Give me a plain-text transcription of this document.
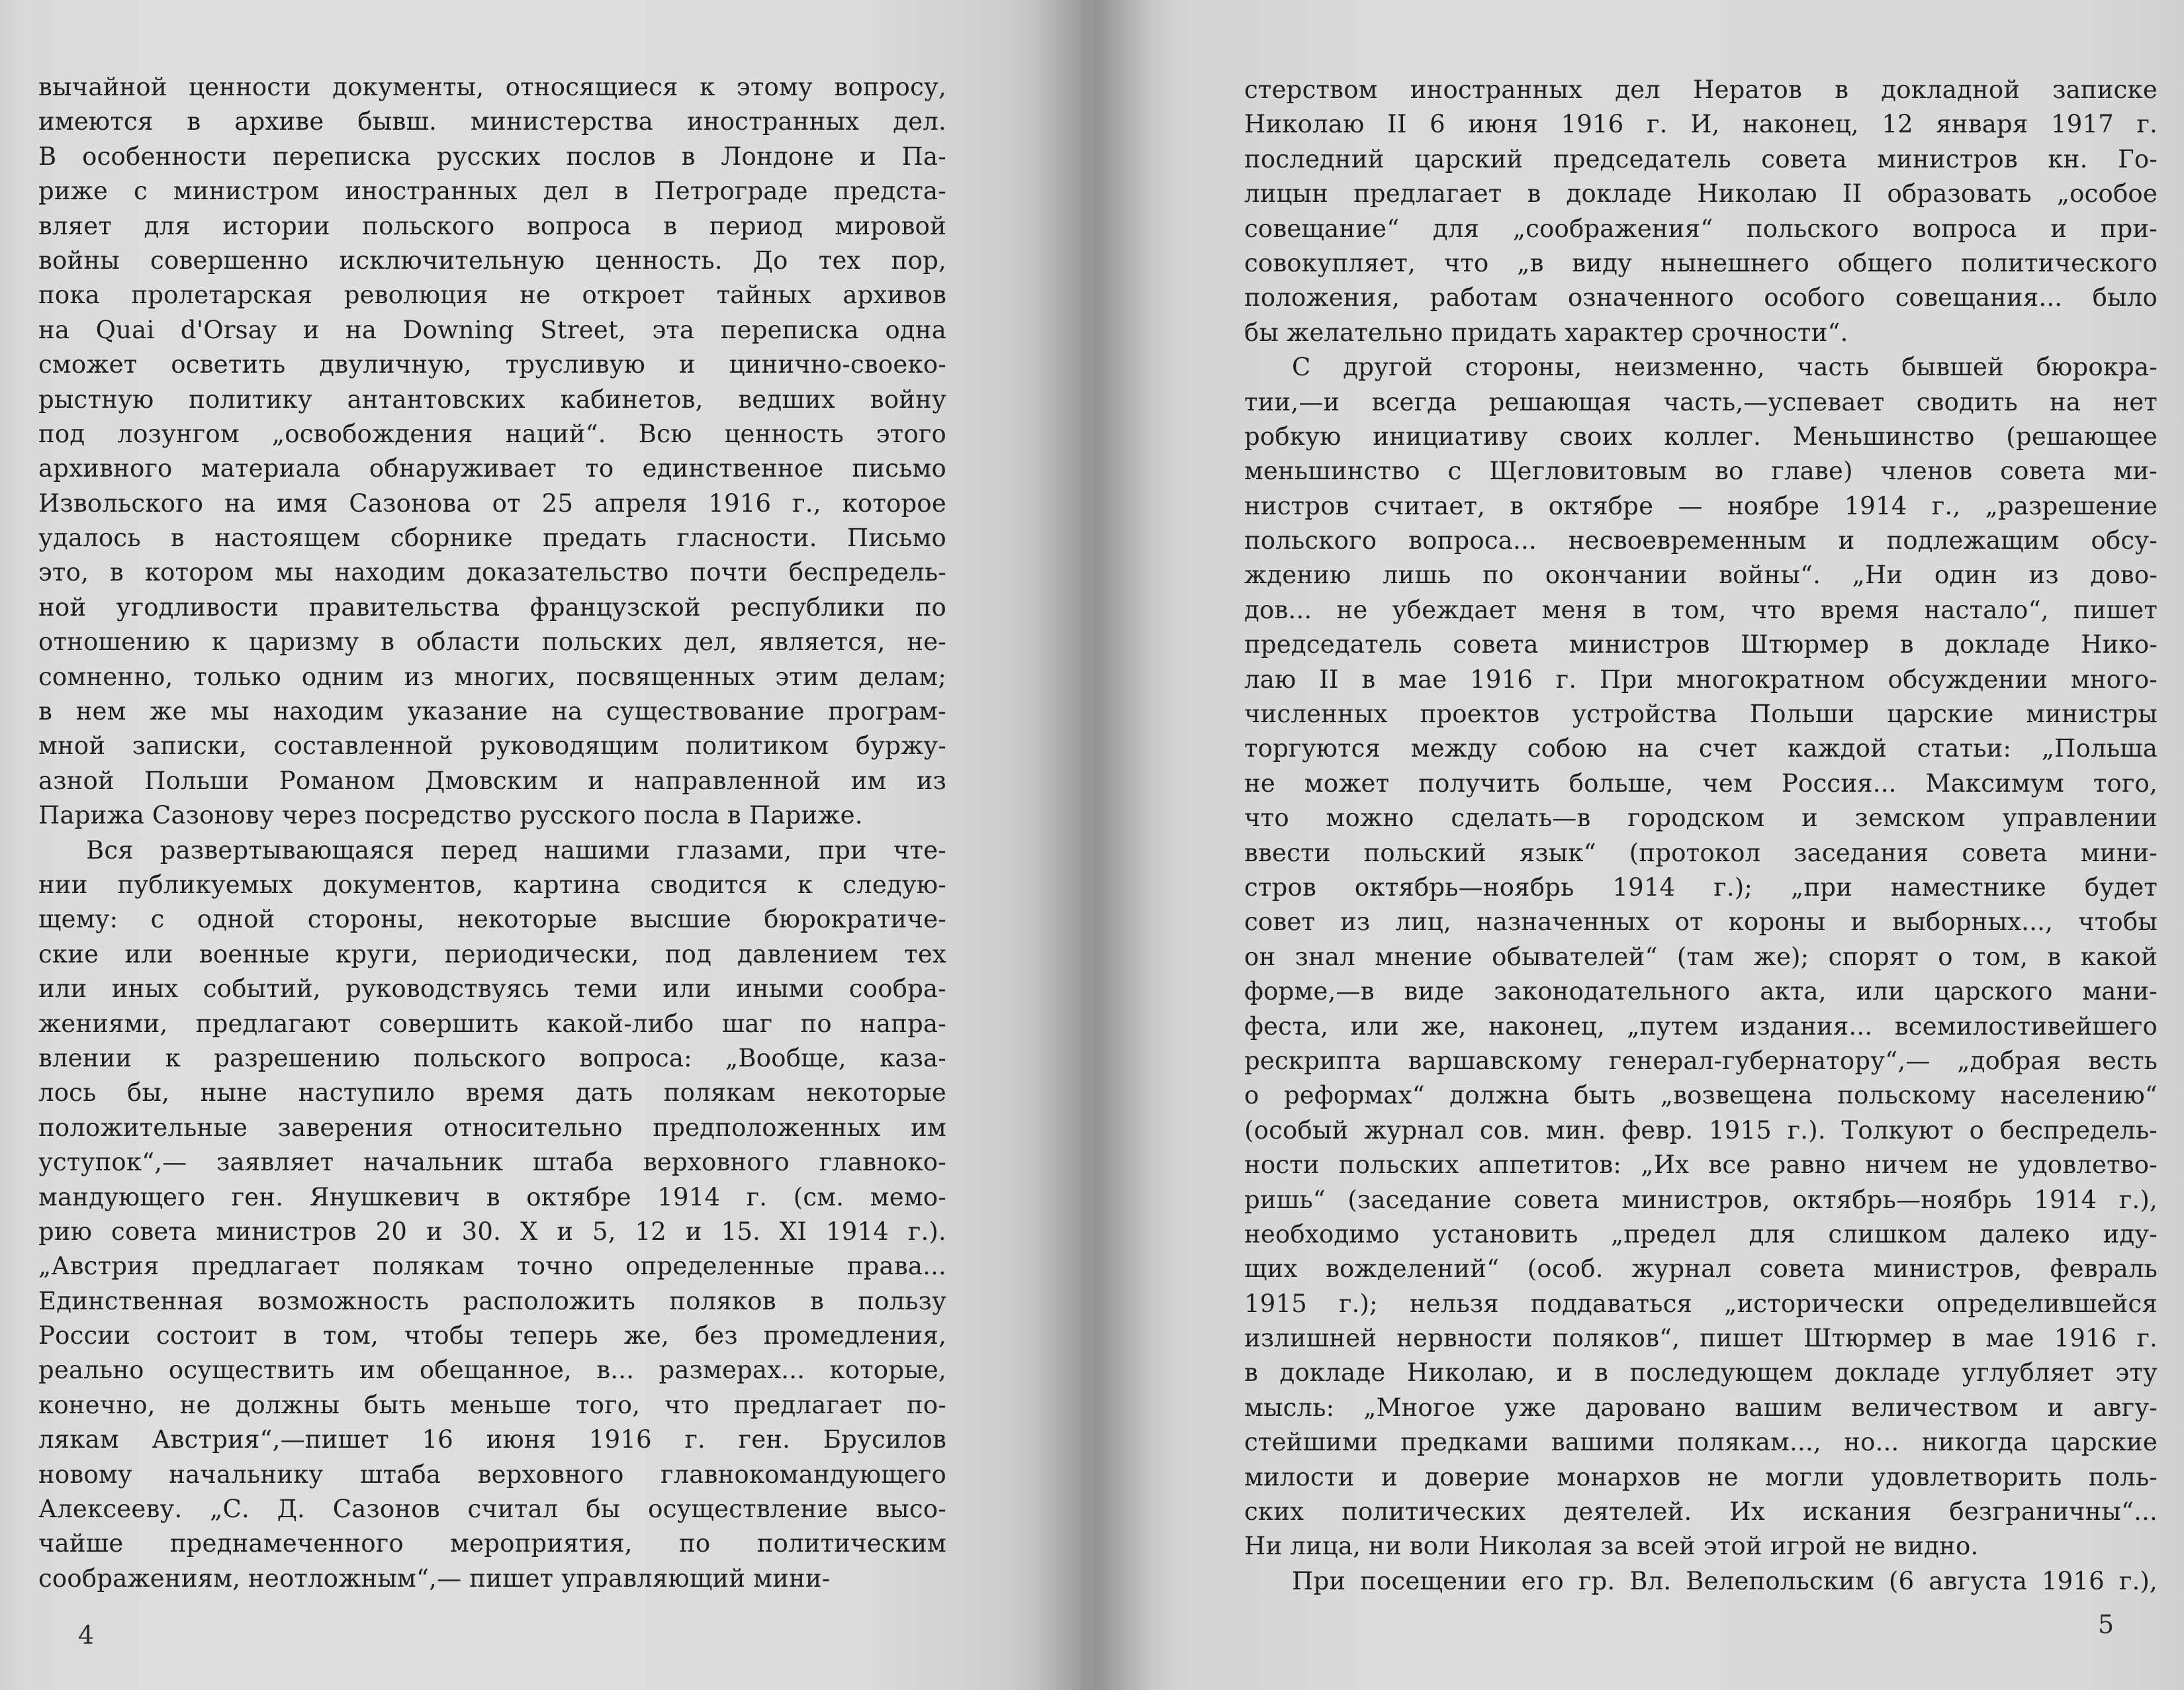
вычайной ценности документы, относящиеся к этому вопросу,
имеются в архиве бывш. министерства иностранных дел.
В особенности переписка русских послов в Лондоне и Па-
риже с министром иностранных дел в Петрограде предста-
вляет для истории польского вопроса в период мировой
войны совершенно исключительную ценность. До тех пор,
пока пролетарская революция не откроет тайных архивов
на Quai d'Orsay и на Downing Street, эта переписка одна
сможет осветить двуличную, трусливую и цинично-своеко-
рыстную политику антантовских кабинетов, ведших войну
под лозунгом „освобождения наций“. Всю ценность этого
архивного материала обнаруживает то единственное письмо
Извольского на имя Сазонова от 25 апреля 1916 г., которое
удалось в настоящем сборнике предать гласности. Письмо
это, в котором мы находим доказательство почти беспредель-
ной угодливости правительства французской республики по
отношению к царизму в области польских дел, является, не-
сомненно, только одним из многих, посвященных этим делам;
в нем же мы находим указание на существование програм-
мной записки, составленной руководящим политиком буржу-
азной Польши Романом Дмовским и направленной им из
Парижа Сазонову через посредство русского посла в Париже.
Вся развертывающаяся перед нашими глазами, при чте-
нии публикуемых документов, картина сводится к следую-
щему: с одной стороны, некоторые высшие бюрократиче-
ские или военные круги, периодически, под давлением тех
или иных событий, руководствуясь теми или иными сообра-
жениями, предлагают совершить какой-либо шаг по напра-
влении к разрешению польского вопроса: „Вообще, каза-
лось бы, ныне наступило время дать полякам некоторые
положительные заверения относительно предположенных им
уступок“,— заявляет начальник штаба верховного главноко-
мандующего ген. Янушкевич в октябре 1914 г. (см. мемо-
рию совета министров 20 и 30. X и 5, 12 и 15. XI 1914 г.).
„Австрия предлагает полякам точно определенные права...
Единственная возможность расположить поляков в пользу
России состоит в том, чтобы теперь же, без промедления,
реально осуществить им обещанное, в... размерах... которые,
конечно, не должны быть меньше того, что предлагает по-
лякам Австрия“,—пишет 16 июня 1916 г. ген. Брусилов
новому начальнику штаба верховного главнокомандующего
Алексееву. „С. Д. Сазонов считал бы осуществление высо-
чайше преднамеченного мероприятия, по политическим
соображениям, неотложным“,— пишет управляющий мини-
4
стерством иностранных дел Нератов в докладной записке
Николаю II 6 июня 1916 г. И, наконец, 12 января 1917 г.
последний царский председатель совета министров кн. Го-
лицын предлагает в докладе Николаю II образовать „особое
совещание“ для „соображения“ польского вопроса и при-
совокупляет, что „в виду нынешнего общего политического
положения, работам означенного особого совещания... было
бы желательно придать характер срочности“.
С другой стороны, неизменно, часть бывшей бюрокра-
тии,—и всегда решающая часть,—успевает сводить на нет
робкую инициативу своих коллег. Меньшинство (решающее
меньшинство с Щегловитовым во главе) членов совета ми-
нистров считает, в октябре — ноябре 1914 г., „разрешение
польского вопроса... несвоевременным и подлежащим обсу-
ждению лишь по окончании войны“. „Ни один из дово-
дов... не убеждает меня в том, что время настало“, пишет
председатель совета министров Штюрмер в докладе Нико-
лаю II в мае 1916 г. При многократном обсуждении много-
численных проектов устройства Польши царские министры
торгуются между собою на счет каждой статьи: „Польша
не может получить больше, чем Россия... Максимум того,
что можно сделать—в городском и земском управлении
ввести польский язык“ (протокол заседания совета мини-
стров октябрь—ноябрь 1914 г.); „при наместнике будет
совет из лиц, назначенных от короны и выборных..., чтобы
он знал мнение обывателей“ (там же); спорят о том, в какой
форме,—в виде законодательного акта, или царского мани-
феста, или же, наконец, „путем издания... всемилостивейшего
рескрипта варшавскому генерал-губернатору“,— „добрая весть
о реформах“ должна быть „возвещена польскому населению“
(особый журнал сов. мин. февр. 1915 г.). Толкуют о беспредель-
ности польских аппетитов: „Их все равно ничем не удовлетво-
ришь“ (заседание совета министров, октябрь—ноябрь 1914 г.),
необходимо установить „предел для слишком далеко иду-
щих вожделений“ (особ. журнал совета министров, февраль
1915 г.); нельзя поддаваться „исторически определившейся
излишней нервности поляков“, пишет Штюрмер в мае 1916 г.
в докладе Николаю, и в последующем докладе углубляет эту
мысль: „Многое уже даровано вашим величеством и авгу-
стейшими предками вашими полякам..., но... никогда царские
милости и доверие монархов не могли удовлетворить поль-
ских политических деятелей. Их искания безграничны“...
Ни лица, ни воли Николая за всей этой игрой не видно.
При посещении его гр. Вл. Велепольским (6 августа 1916 г.),
5
